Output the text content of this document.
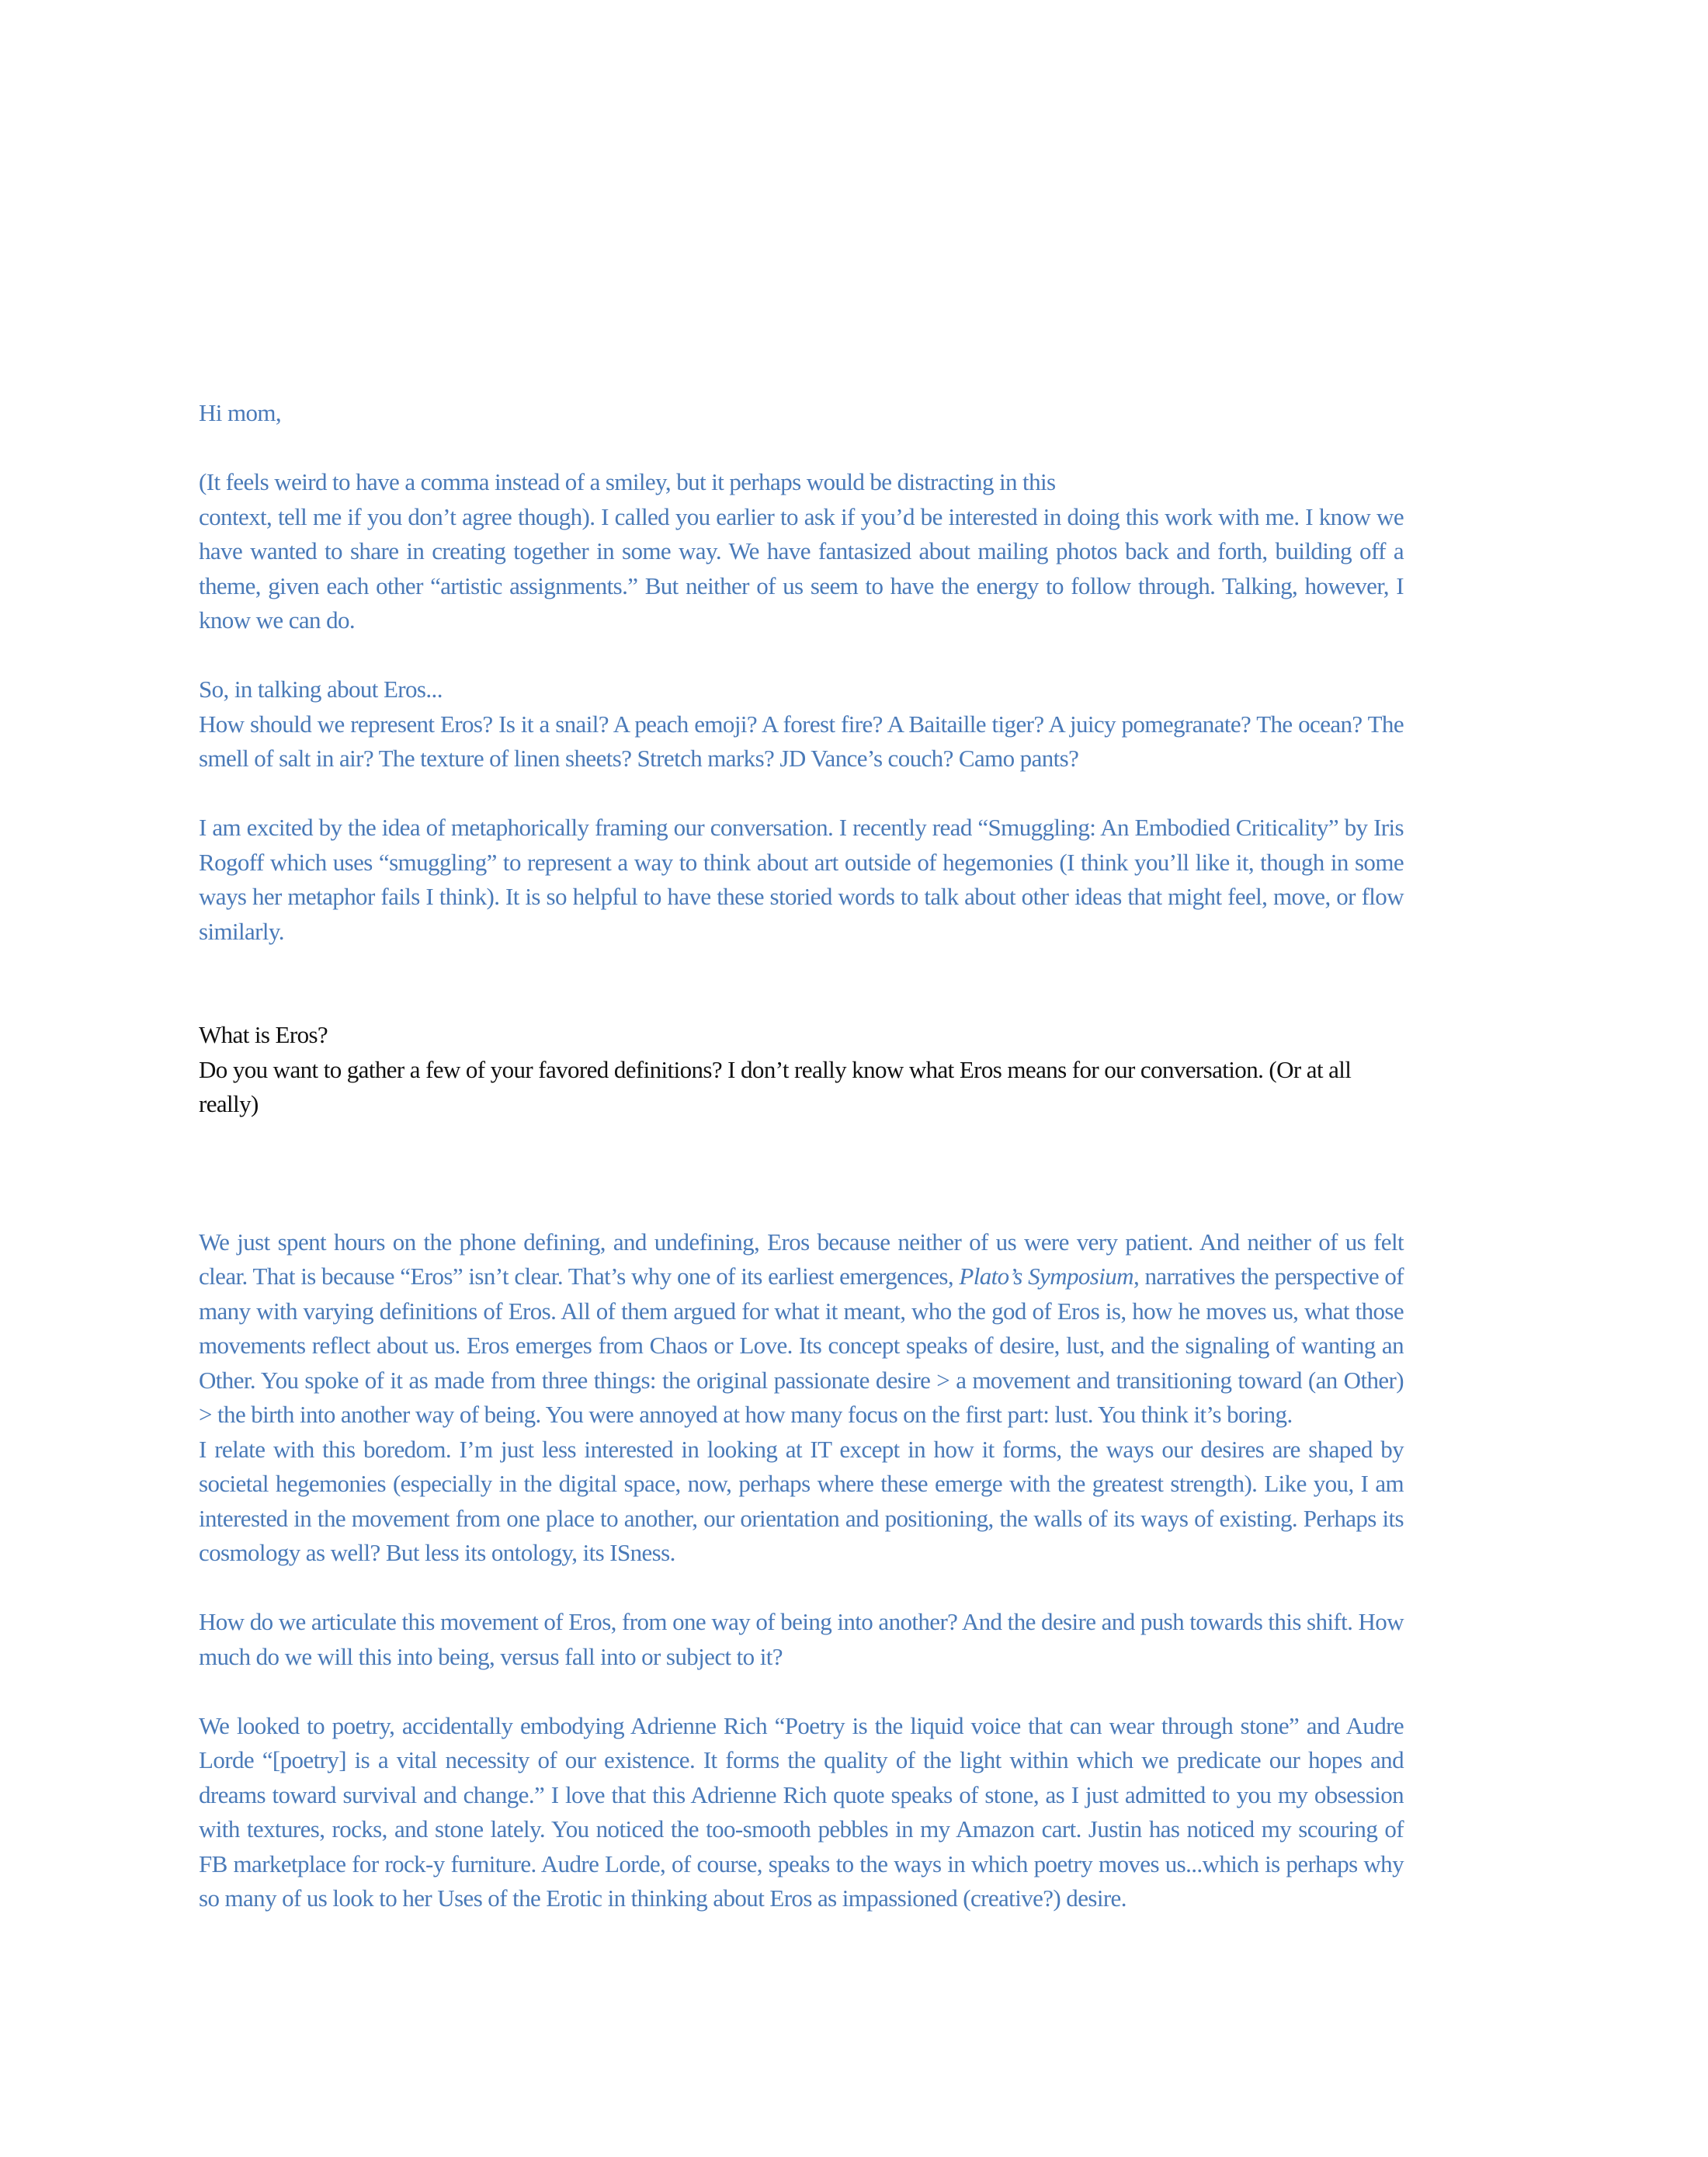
Hi mom,

(It feels weird to have a comma instead of a smiley, but it perhaps would be distracting in this

context, tell me if you don’t agree though). I called you earlier to ask if you’d be interested in doing this work with me. I know we have wanted to share in creating together in some way. We have fantasized about mailing photos back and forth, building off a theme, given each other “artistic assignments.” But neither of us seem to have the energy to follow through. Talking, however, I know we can do.

So, in talking about Eros...

How should we represent Eros? Is it a snail? A peach emoji? A forest fire? A Baitaille tiger? A juicy pomegranate? The ocean? The smell of salt in air? The texture of linen sheets? Stretch marks? JD Vance’s couch? Camo pants?

I am excited by the idea of metaphorically framing our conversation. I recently read “Smuggling: An Embodied Criticality” by Iris Rogoff which uses “smuggling” to represent a way to think about art outside of hegemonies (I think you’ll like it, though in some ways her metaphor fails I think). It is so helpful to have these storied words to talk about other ideas that might feel, move, or flow similarly.

What is Eros?

Do you want to gather a few of your favored definitions? I don’t really know what Eros means for our conversation. (Or at all really)

We just spent hours on the phone defining, and undefining, Eros because neither of us were very patient. And neither of us felt clear. That is because “Eros” isn’t clear. That’s why one of its earliest emergences, Plato’s Symposium, narratives the perspective of many with varying definitions of Eros. All of them argued for what it meant, who the god of Eros is, how he moves us, what those movements reflect about us. Eros emerges from Chaos or Love. Its concept speaks of desire, lust, and the signaling of wanting an Other. You spoke of it as made from three things: the original passionate desire > a movement and transitioning toward (an Other) > the birth into another way of being. You were annoyed at how many focus on the first part: lust. You think it’s boring.

I relate with this boredom. I’m just less interested in looking at IT except in how it forms, the ways our desires are shaped by societal hegemonies (especially in the digital space, now, perhaps where these emerge with the greatest strength). Like you, I am interested in the movement from one place to another, our orientation and positioning, the walls of its ways of existing. Perhaps its cosmology as well? But less its ontology, its ISness.

How do we articulate this movement of Eros, from one way of being into another? And the desire and push towards this shift. How much do we will this into being, versus fall into or subject to it?

We looked to poetry, accidentally embodying Adrienne Rich “Poetry is the liquid voice that can wear through stone” and Audre Lorde “[poetry] is a vital necessity of our existence. It forms the quality of the light within which we predicate our hopes and dreams toward survival and change.” I love that this Adrienne Rich quote speaks of stone, as I just admitted to you my obsession with textures, rocks, and stone lately. You noticed the too-smooth pebbles in my Amazon cart. Justin has noticed my scouring of FB marketplace for rock-y furniture. Audre Lorde, of course, speaks to the ways in which poetry moves us...which is perhaps why so many of us look to her Uses of the Erotic in thinking about Eros as impassioned (creative?) desire.
